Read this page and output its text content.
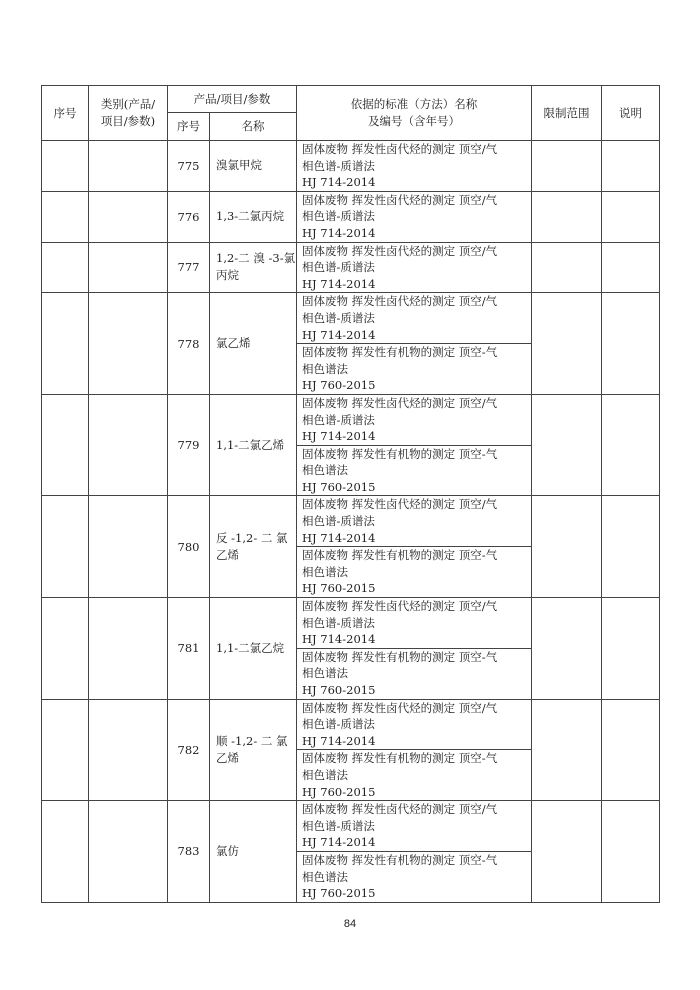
序号	类别(产品/
项目/参数)	产品/项目/参数		依据的标准（方法）名称
及编号（含年号）	限制范围	说明
		序号	名称			
		775	溴氯甲烷	固体废物 挥发性卤代烃的测定 顶空/气
相色谱-质谱法
HJ 714-2014		

		776	1,3-二氯丙烷	固体废物 挥发性卤代烃的测定 顶空/气
相色谱-质谱法
HJ 714-2014		

		777	1,2-二 溴 -3-氯丙烷	固体废物 挥发性卤代烃的测定 顶空/气
相色谱-质谱法
HJ 714-2014		

		778	氯乙烯	固体废物 挥发性卤代烃的测定 顶空/气
相色谱-质谱法
HJ 714-2014		

				固体废物 挥发性有机物的测定 顶空-气
相色谱法
HJ 760-2015		

		779	1,1-二氯乙烯	固体废物 挥发性卤代烃的测定 顶空/气
相色谱-质谱法
HJ 714-2014		

				固体废物 挥发性有机物的测定 顶空-气
相色谱法
HJ 760-2015		

		780	反 -1,2- 二 氯乙烯	固体废物 挥发性卤代烃的测定 顶空/气
相色谱-质谱法
HJ 714-2014		

				固体废物 挥发性有机物的测定 顶空-气
相色谱法
HJ 760-2015		

		781	1,1-二氯乙烷	固体废物 挥发性卤代烃的测定 顶空/气
相色谱-质谱法
HJ 714-2014		

				固体废物 挥发性有机物的测定 顶空-气
相色谱法
HJ 760-2015		

		782	顺 -1,2- 二 氯乙烯	固体废物 挥发性卤代烃的测定 顶空/气
相色谱-质谱法
HJ 714-2014		

				固体废物 挥发性有机物的测定 顶空-气
相色谱法
HJ 760-2015		

		783	氯仿	固体废物 挥发性卤代烃的测定 顶空/气
相色谱-质谱法
HJ 714-2014		

				固体废物 挥发性有机物的测定 顶空-气
相色谱法
HJ 760-2015		
84
